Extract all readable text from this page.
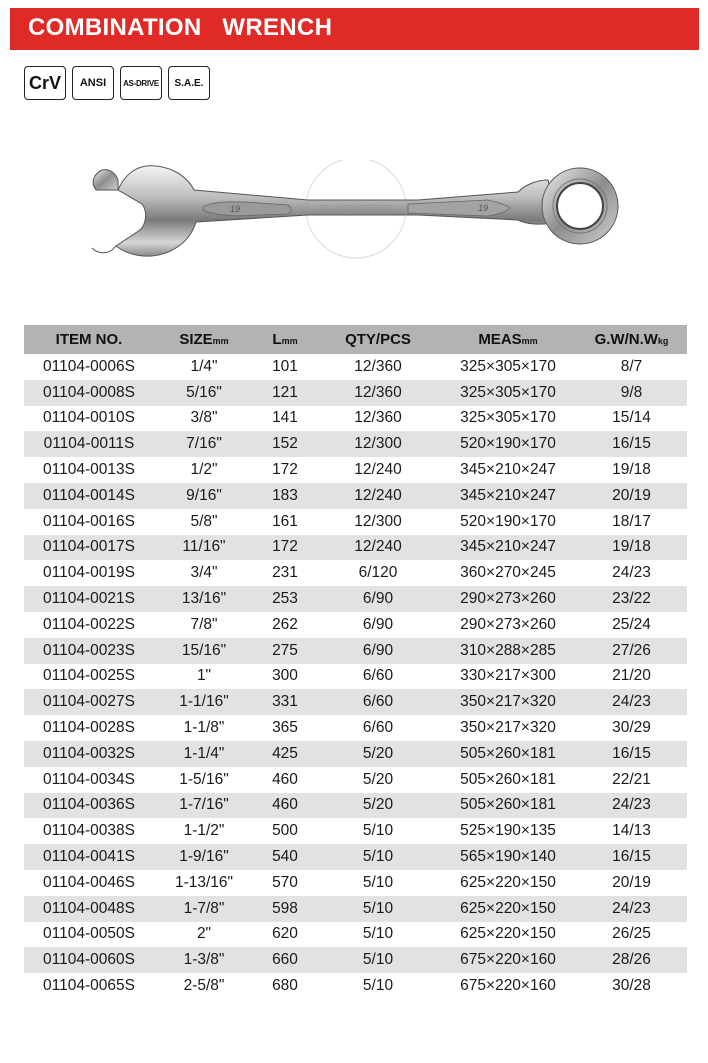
COMBINATION   WRENCH
CrV	ANSI	AS-DRIVE	S.A.E.
19	19
BLACK BEAR
ITEM NO.	SIZEmm	Lmm	QTY/PCS	MEASmm	G.W/N.Wkg
01104-0006S	1/4"	101	12/360	325×305×170	8/7
01104-0008S	5/16"	121	12/360	325×305×170	9/8
01104-0010S	3/8"	141	12/360	325×305×170	15/14
01104-0011S	7/16"	152	12/300	520×190×170	16/15
01104-0013S	1/2"	172	12/240	345×210×247	19/18
01104-0014S	9/16"	183	12/240	345×210×247	20/19
01104-0016S	5/8"	161	12/300	520×190×170	18/17
01104-0017S	11/16"	172	12/240	345×210×247	19/18
01104-0019S	3/4"	231	6/120	360×270×245	24/23
01104-0021S	13/16"	253	6/90	290×273×260	23/22
01104-0022S	7/8"	262	6/90	290×273×260	25/24
01104-0023S	15/16"	275	6/90	310×288×285	27/26
01104-0025S	1"	300	6/60	330×217×300	21/20
01104-0027S	1-1/16"	331	6/60	350×217×320	24/23
01104-0028S	1-1/8"	365	6/60	350×217×320	30/29
01104-0032S	1-1/4"	425	5/20	505×260×181	16/15
01104-0034S	1-5/16"	460	5/20	505×260×181	22/21
01104-0036S	1-7/16"	460	5/20	505×260×181	24/23
01104-0038S	1-1/2"	500	5/10	525×190×135	14/13
01104-0041S	1-9/16"	540	5/10	565×190×140	16/15
01104-0046S	1-13/16"	570	5/10	625×220×150	20/19
01104-0048S	1-7/8"	598	5/10	625×220×150	24/23
01104-0050S	2"	620	5/10	625×220×150	26/25
01104-0060S	1-3/8"	660	5/10	675×220×160	28/26
01104-0065S	2-5/8"	680	5/10	675×220×160	30/28
